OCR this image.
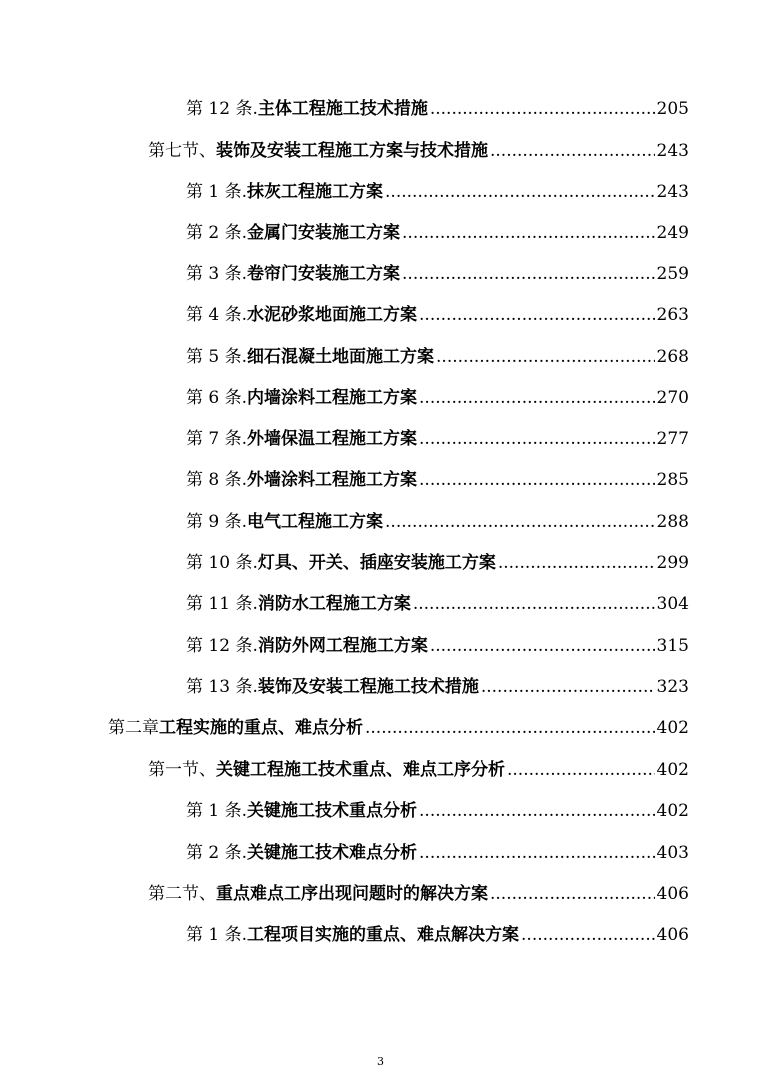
第 12 条. 主体工程施工技术措施 .....	205
第七节、 装饰及安装工程施工方案与技术措施 .....	243
第 1 条. 抹灰工程施工方案 .....	243
第 2 条. 金属门安装施工方案 .....	249
第 3 条. 卷帘门安装施工方案 .....	259
第 4 条. 水泥砂浆地面施工方案 .....	263
第 5 条. 细石混凝土地面施工方案 .....	268
第 6 条. 内墙涂料工程施工方案 .....	270
第 7 条. 外墙保温工程施工方案 .....	277
第 8 条. 外墙涂料工程施工方案 .....	285
第 9 条. 电气工程施工方案 .....	288
第 10 条. 灯具、开关、插座安装施工方案 .....	299
第 11 条. 消防水工程施工方案 .....	304
第 12 条. 消防外网工程施工方案 .....	315
第 13 条. 装饰及安装工程施工技术措施 .....	323
第二章 工程实施的重点、难点分析 .....	402
第一节、 关键工程施工技术重点、难点工序分析 .....	402
第 1 条. 关键施工技术重点分析 .....	402
第 2 条. 关键施工技术难点分析 .....	403
第二节、 重点难点工序出现问题时的解决方案 .....	406
第 1 条. 工程项目实施的重点、难点解决方案 .....	406
3
